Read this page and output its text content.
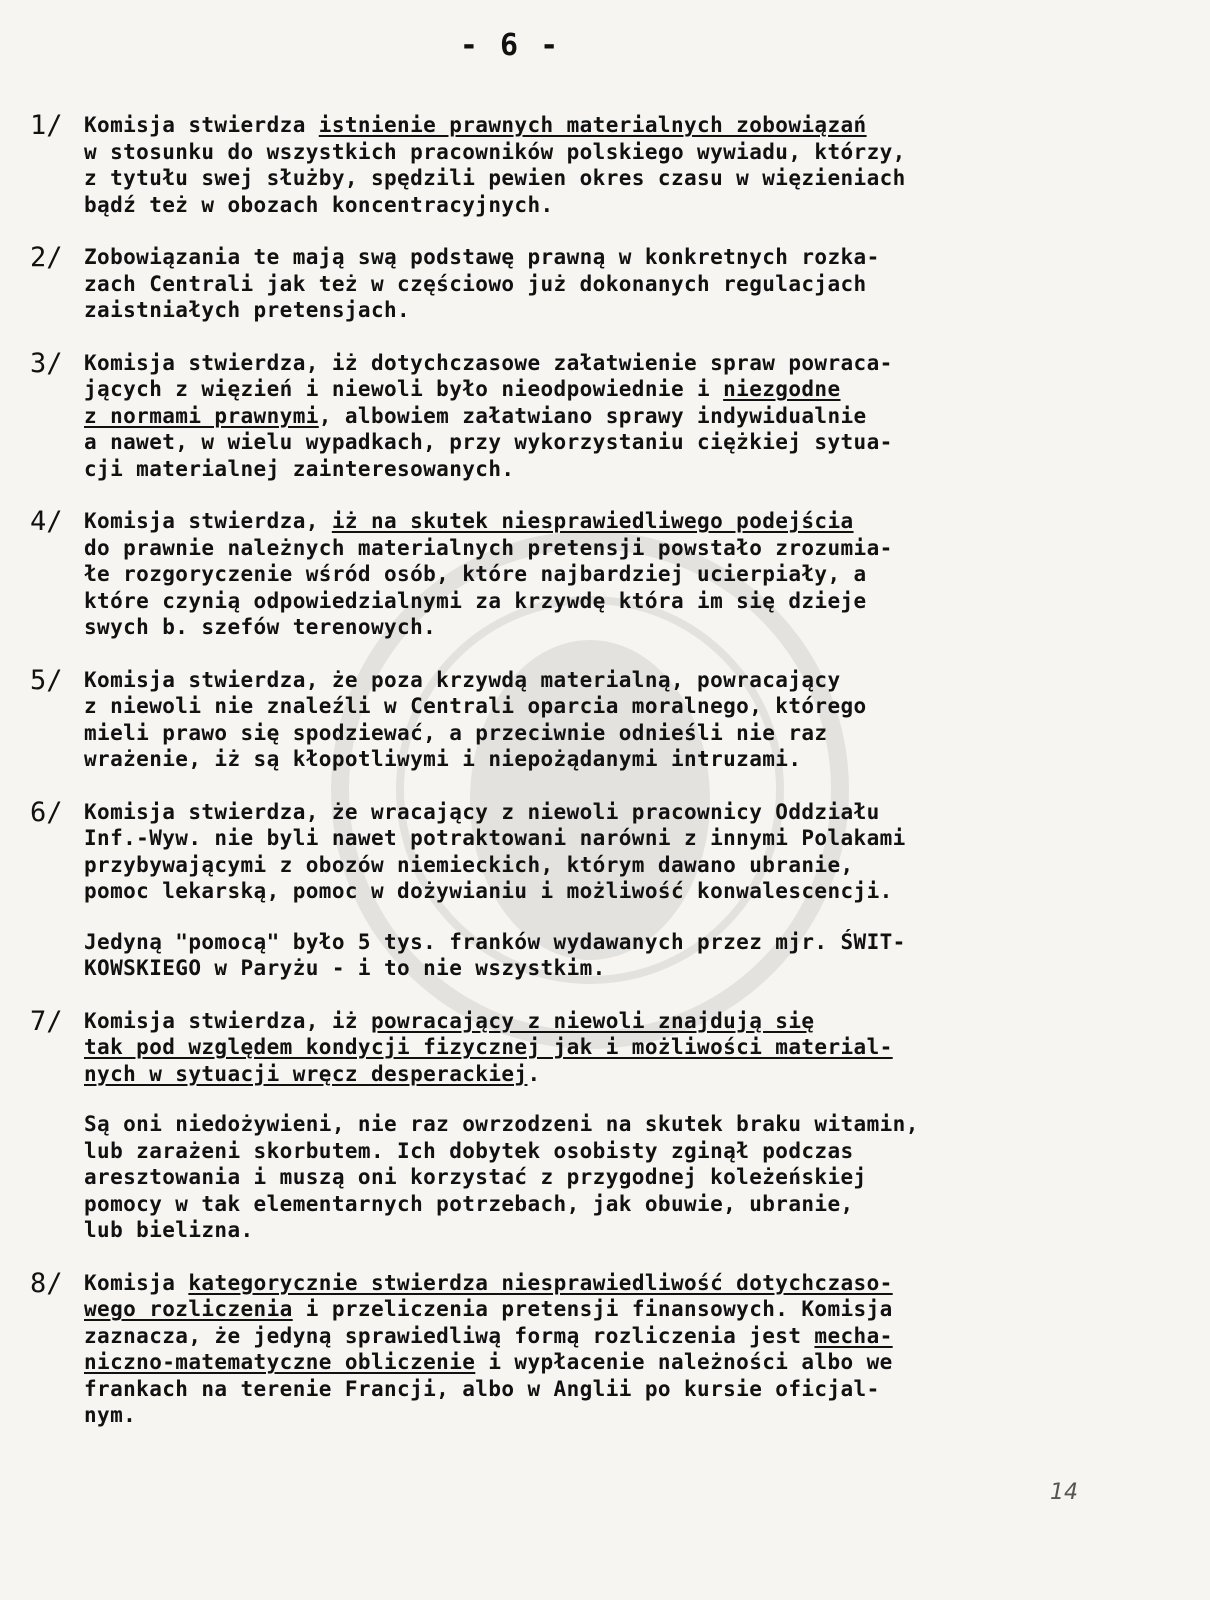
- 6 -
1/	Komisja stwierdza istnienie prawnych materialnych zobowiązań
w stosunku do wszystkich pracowników polskiego wywiadu, którzy,
z tytułu swej służby, spędzili pewien okres czasu w więzieniach
bądź też w obozach koncentracyjnych.
2/	Zobowiązania te mają swą podstawę prawną w konkretnych rozka-
zach Centrali jak też w częściowo już dokonanych regulacjach
zaistniałych pretensjach.
3/	Komisja stwierdza, iż dotychczasowe załatwienie spraw powraca-
jących z więzień i niewoli było nieodpowiednie i niezgodne
z normami prawnymi, albowiem załatwiano sprawy indywidualnie
a nawet, w wielu wypadkach, przy wykorzystaniu ciężkiej sytua-
cji materialnej zainteresowanych.
4/	Komisja stwierdza, iż na skutek niesprawiedliwego podejścia
do prawnie należnych materialnych pretensji powstało zrozumia-
łe rozgoryczenie wśród osób, które najbardziej ucierpiały, a
które czynią odpowiedzialnymi za krzywdę która im się dzieje
swych b. szefów terenowych.
5/	Komisja stwierdza, że poza krzywdą materialną, powracający
z niewoli nie znaleźli w Centrali oparcia moralnego, którego
mieli prawo się spodziewać, a przeciwnie odnieśli nie raz
wrażenie, iż są kłopotliwymi i niepożądanymi intruzami.
6/	Komisja stwierdza, że wracający z niewoli pracownicy Oddziału
Inf.-Wyw. nie byli nawet potraktowani narówni z innymi Polakami
przybywającymi z obozów niemieckich, którym dawano ubranie,
pomoc lekarską, pomoc w dożywianiu i możliwość konwalescencji.
Jedyną "pomocą" było 5 tys. franków wydawanych przez mjr. ŚWIT-
KOWSKIEGO w Paryżu - i to nie wszystkim.
7/	Komisja stwierdza, iż powracający z niewoli znajdują się
tak pod względem kondycji fizycznej jak i możliwości material-
nych w sytuacji wręcz desperackiej.
Są oni niedożywieni, nie raz owrzodzeni na skutek braku witamin,
lub zarażeni skorbutem. Ich dobytek osobisty zginął podczas
aresztowania i muszą oni korzystać z przygodnej koleżeńskiej
pomocy w tak elementarnych potrzebach, jak obuwie, ubranie,
lub bielizna.
8/	Komisja kategorycznie stwierdza niesprawiedliwość dotychczaso-
wego rozliczenia i przeliczenia pretensji finansowych. Komisja
zaznacza, że jedyną sprawiedliwą formą rozliczenia jest mecha-
niczno-matematyczne obliczenie i wypłacenie należności albo we
frankach na terenie Francji, albo w Anglii po kursie oficjal-
nym.
14
